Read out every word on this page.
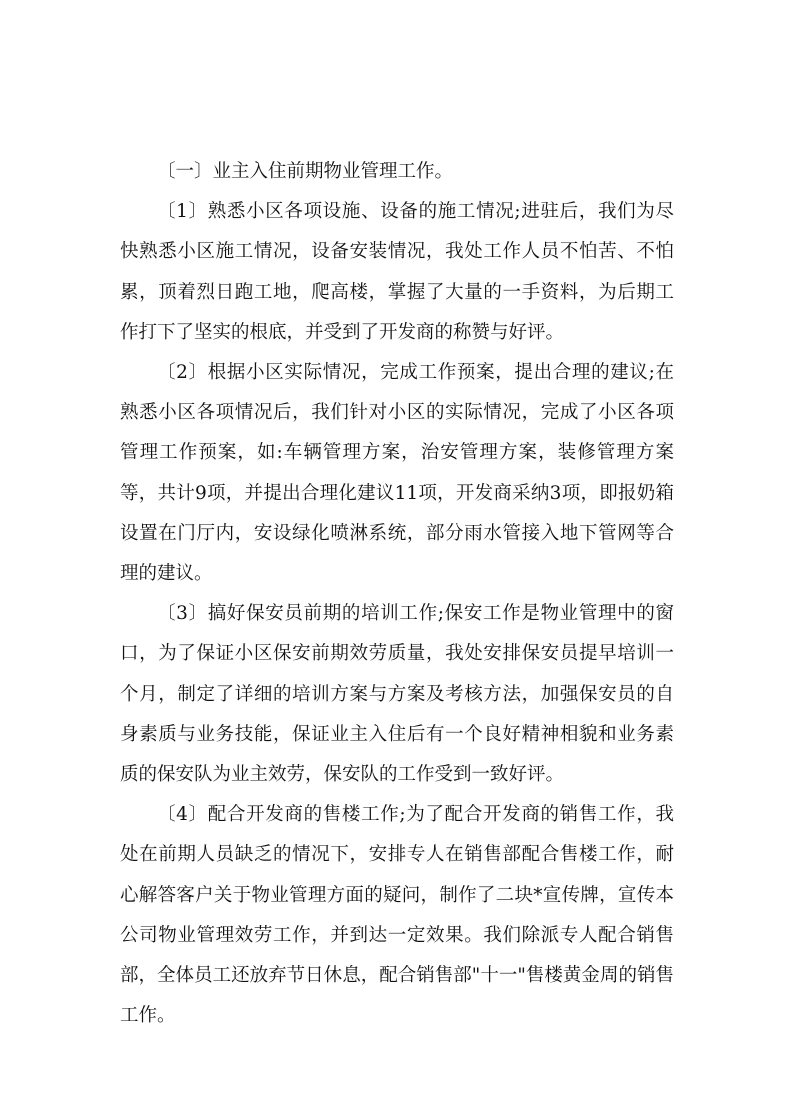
〔一〕业主入住前期物业管理工作。

〔1〕熟悉小区各项设施、设备的施工情况;进驻后，我们为尽快熟悉小区施工情况，设备安装情况，我处工作人员不怕苦、不怕累，顶着烈日跑工地，爬高楼，掌握了大量的一手资料，为后期工作打下了坚实的根底，并受到了开发商的称赞与好评。

〔2〕根据小区实际情况，完成工作预案，提出合理的建议;在熟悉小区各项情况后，我们针对小区的实际情况，完成了小区各项管理工作预案，如:车辆管理方案，治安管理方案，装修管理方案等，共计9项，并提出合理化建议11项，开发商采纳3项，即报奶箱设置在门厅内，安设绿化喷淋系统，部分雨水管接入地下管网等合理的建议。

〔3〕搞好保安员前期的培训工作;保安工作是物业管理中的窗口，为了保证小区保安前期效劳质量，我处安排保安员提早培训一个月，制定了详细的培训方案与方案及考核方法，加强保安员的自身素质与业务技能，保证业主入住后有一个良好精神相貌和业务素质的保安队为业主效劳，保安队的工作受到一致好评。

〔4〕配合开发商的售楼工作;为了配合开发商的销售工作，我处在前期人员缺乏的情况下，安排专人在销售部配合售楼工作，耐心解答客户关于物业管理方面的疑问，制作了二块*宣传牌，宣传本公司物业管理效劳工作，并到达一定效果。我们除派专人配合销售部，全体员工还放弃节日休息，配合销售部"十一"售楼黄金周的销售工作。
